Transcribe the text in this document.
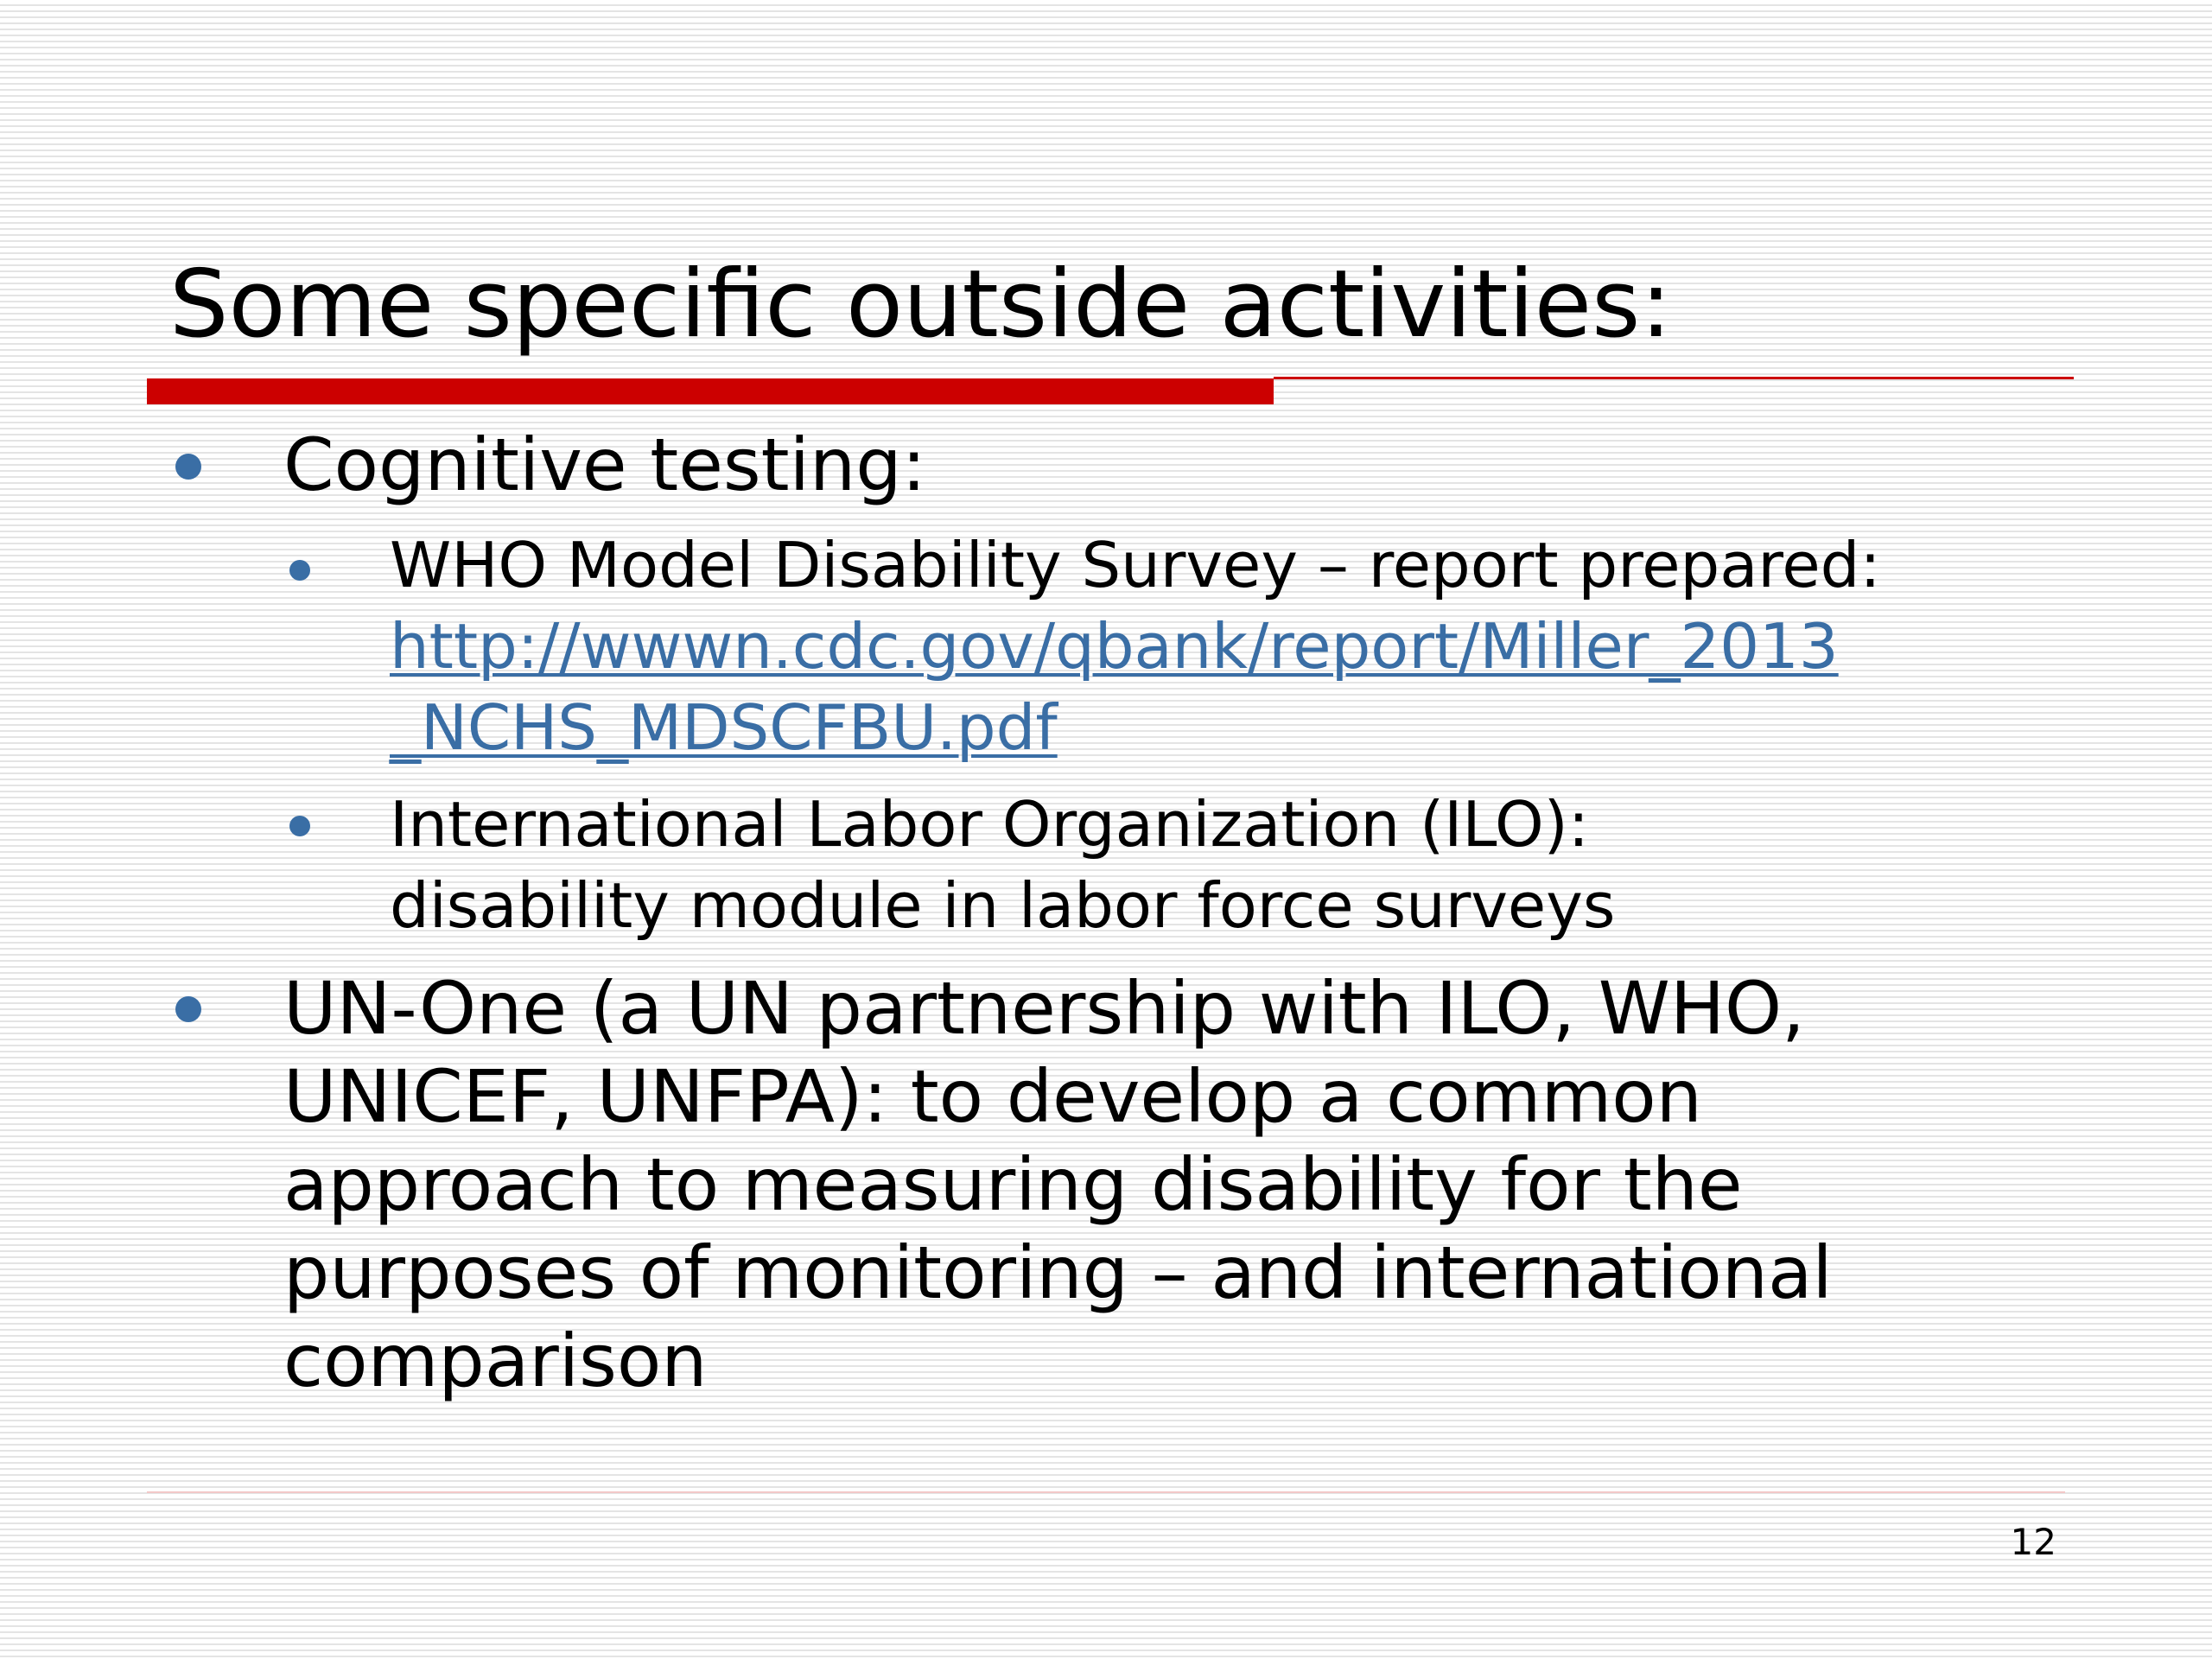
Some specific outside activities:
Cognitive testing:
WHO Model Disability Survey – report prepared:
http://wwwn.cdc.gov/qbank/report/Miller_2013
_NCHS_MDSCFBU.pdf
International Labor Organization (ILO):
disability module in labor force surveys
UN-One (a UN partnership with ILO, WHO,
UNICEF, UNFPA): to develop a common
approach to measuring disability for the
purposes of monitoring – and international
comparison
12
